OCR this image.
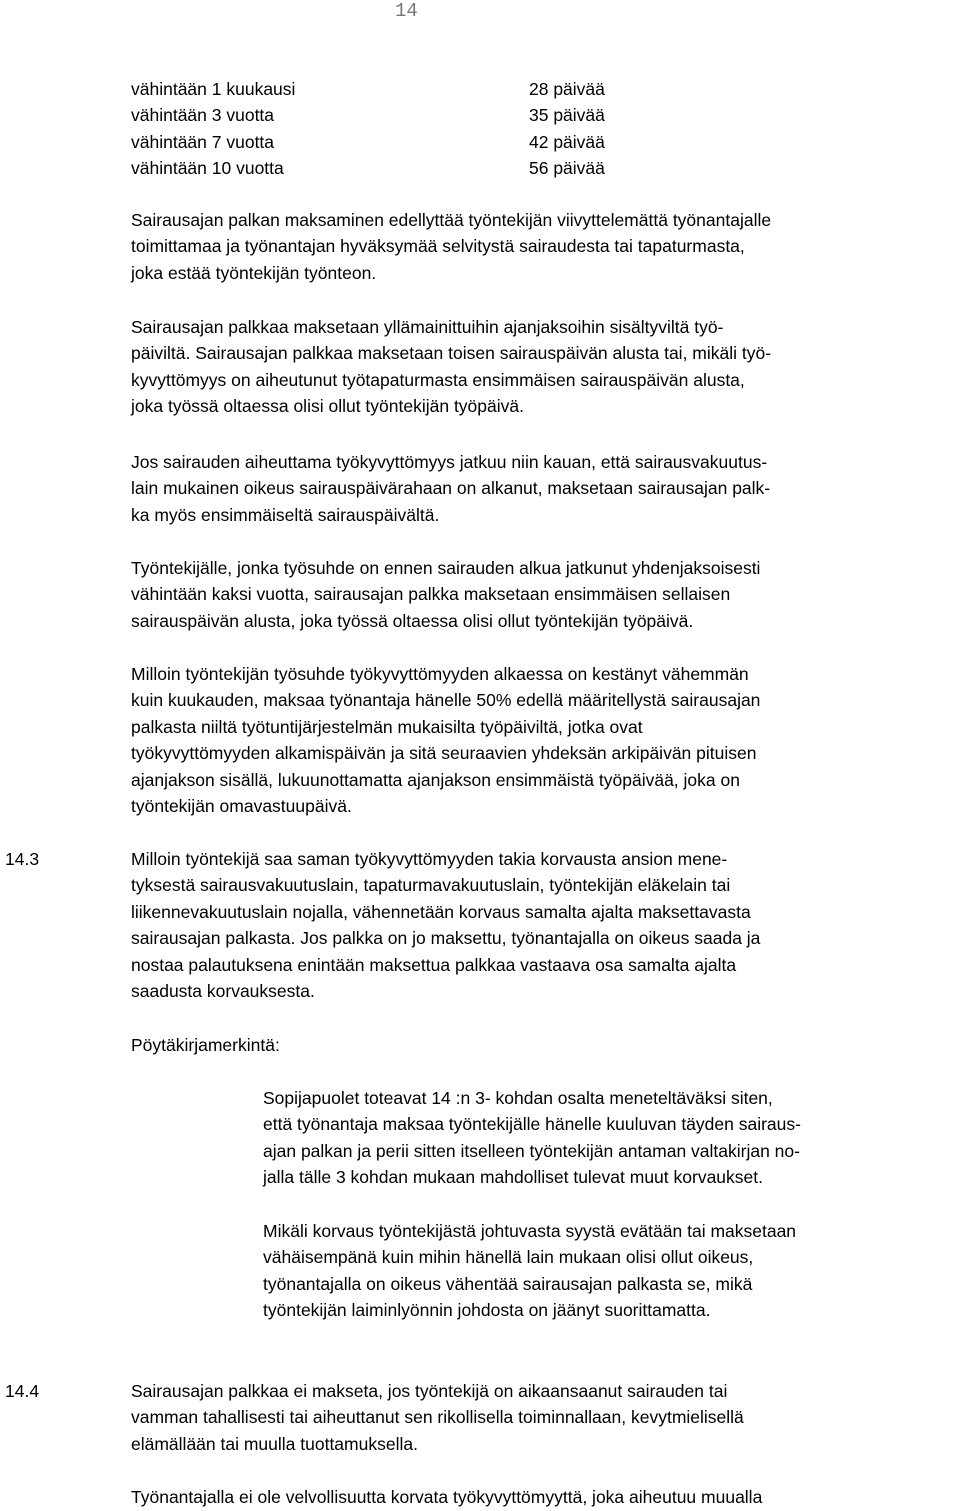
14
vähintään 1 kuukausi	28 päivää
vähintään 3 vuotta	35 päivää
vähintään 7 vuotta	42 päivää
vähintään 10 vuotta	56 päivää
Sairausajan palkan maksaminen edellyttää työntekijän viivyttelemättä työnantajalle
toimittamaa ja työnantajan hyväksymää selvitystä sairaudesta tai tapaturmasta,
joka estää työntekijän työnteon.
Sairausajan palkkaa maksetaan yllämainittuihin ajanjaksoihin sisältyviltä työ-
päiviltä. Sairausajan palkkaa maksetaan toisen sairauspäivän alusta tai, mikäli työ-
kyvyttömyys on aiheutunut työtapaturmasta ensimmäisen sairauspäivän alusta,
joka työssä oltaessa olisi ollut työntekijän työpäivä.
Jos sairauden aiheuttama työkyvyttömyys jatkuu niin kauan, että sairausvakuutus-
lain mukainen oikeus sairauspäivärahaan on alkanut, maksetaan sairausajan palk-
ka myös ensimmäiseltä sairauspäivältä.
Työntekijälle, jonka työsuhde on ennen sairauden alkua jatkunut yhdenjaksoisesti
vähintään kaksi vuotta, sairausajan palkka maksetaan ensimmäisen sellaisen
sairauspäivän alusta, joka työssä oltaessa olisi ollut työntekijän työpäivä.
Milloin työntekijän työsuhde työkyvyttömyyden alkaessa on kestänyt vähemmän
kuin kuukauden, maksaa työnantaja hänelle 50% edellä määritellystä sairausajan
palkasta niiltä työtuntijärjestelmän mukaisilta työpäiviltä, jotka ovat
työkyvyttömyyden alkamispäivän ja sitä seuraavien yhdeksän arkipäivän pituisen
ajanjakson sisällä, lukuunottamatta ajanjakson ensimmäistä työpäivää, joka on
työntekijän omavastuupäivä.
14.3	Milloin työntekijä saa saman työkyvyttömyyden takia korvausta ansion mene-
tyksestä sairausvakuutuslain, tapaturmavakuutuslain, työntekijän eläkelain tai
liikennevakuutuslain nojalla, vähennetään korvaus samalta ajalta maksettavasta
sairausajan palkasta. Jos palkka on jo maksettu, työnantajalla on oikeus saada ja
nostaa palautuksena enintään maksettua palkkaa vastaava osa samalta ajalta
saadusta korvauksesta.
Pöytäkirjamerkintä:
Sopijapuolet toteavat 14 :n 3- kohdan osalta meneteltäväksi siten,
että työnantaja maksaa työntekijälle hänelle kuuluvan täyden sairaus-
ajan palkan ja perii sitten itselleen työntekijän antaman valtakirjan no-
jalla tälle 3 kohdan mukaan mahdolliset tulevat muut korvaukset.
Mikäli korvaus työntekijästä johtuvasta syystä evätään tai maksetaan
vähäisempänä kuin mihin hänellä lain mukaan olisi ollut oikeus,
työnantajalla on oikeus vähentää sairausajan palkasta se, mikä
työntekijän laiminlyönnin johdosta on jäänyt suorittamatta.
14.4	Sairausajan palkkaa ei makseta, jos työntekijä on aikaansaanut sairauden tai
vamman tahallisesti tai aiheuttanut sen rikollisella toiminnallaan, kevytmielisellä
elämällään tai muulla tuottamuksella.
Työnantajalla ei ole velvollisuutta korvata työkyvyttömyyttä, joka aiheutuu muualla
